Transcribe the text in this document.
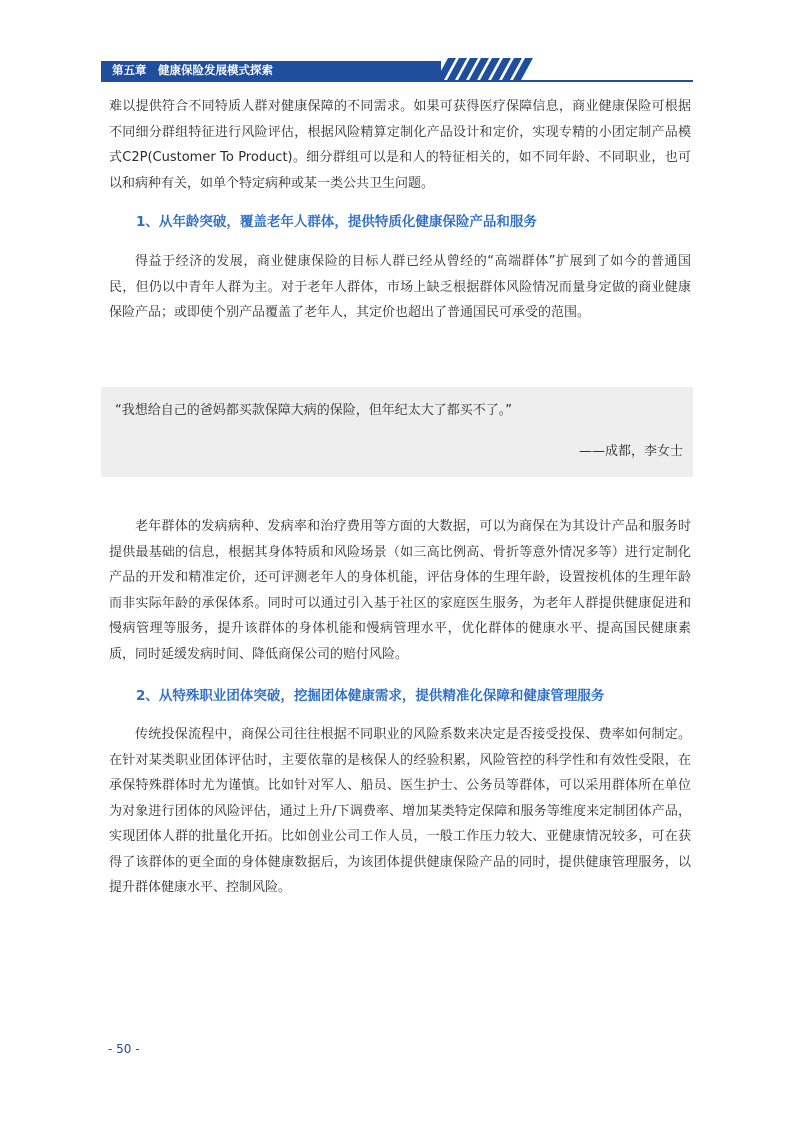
第五章　健康保险发展模式探索

难以提供符合不同特质人群对健康保障的不同需求。如果可获得医疗保障信息，商业健康保险可根据不同细分群组特征进行风险评估，根据风险精算定制化产品设计和定价，实现专精的小团定制产品模式C2P(Customer To Product)。细分群组可以是和人的特征相关的，如不同年龄、不同职业，也可以和病种有关，如单个特定病种或某一类公共卫生问题。

1、从年龄突破，覆盖老年人群体，提供特质化健康保险产品和服务

得益于经济的发展，商业健康保险的目标人群已经从曾经的“高端群体”扩展到了如今的普通国民，但仍以中青年人群为主。对于老年人群体，市场上缺乏根据群体风险情况而量身定做的商业健康保险产品；或即使个别产品覆盖了老年人，其定价也超出了普通国民可承受的范围。

“我想给自己的爸妈都买款保障大病的保险，但年纪太大了都买不了。”

——成都，李女士

老年群体的发病病种、发病率和治疗费用等方面的大数据，可以为商保在为其设计产品和服务时提供最基础的信息，根据其身体特质和风险场景（如三高比例高、骨折等意外情况多等）进行定制化产品的开发和精准定价，还可评测老年人的身体机能，评估身体的生理年龄，设置按机体的生理年龄而非实际年龄的承保体系。同时可以通过引入基于社区的家庭医生服务，为老年人群提供健康促进和慢病管理等服务，提升该群体的身体机能和慢病管理水平，优化群体的健康水平、提高国民健康素质，同时延缓发病时间、降低商保公司的赔付风险。

2、从特殊职业团体突破，挖掘团体健康需求，提供精准化保障和健康管理服务

传统投保流程中，商保公司往往根据不同职业的风险系数来决定是否接受投保、费率如何制定。在针对某类职业团体评估时，主要依靠的是核保人的经验积累，风险管控的科学性和有效性受限，在承保特殊群体时尤为谨慎。比如针对军人、船员、医生护士、公务员等群体，可以采用群体所在单位为对象进行团体的风险评估，通过上升/下调费率、增加某类特定保障和服务等维度来定制团体产品，实现团体人群的批量化开拓。比如创业公司工作人员，一般工作压力较大、亚健康情况较多，可在获得了该群体的更全面的身体健康数据后，为该团体提供健康保险产品的同时，提供健康管理服务，以提升群体健康水平、控制风险。

- 50 -
